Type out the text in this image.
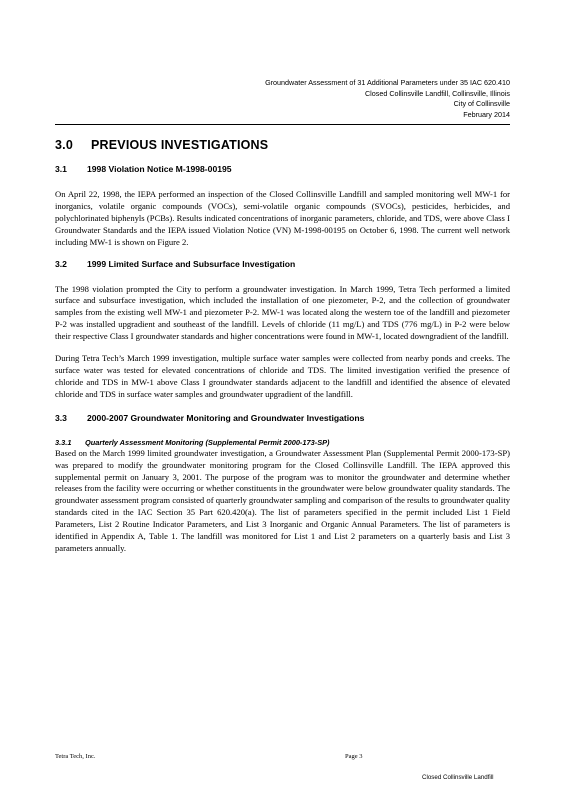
Groundwater Assessment of 31 Additional Parameters under 35 IAC 620.410
Closed Collinsville Landfill, Collinsville, Illinois
City of Collinsville
February 2014
3.0 PREVIOUS INVESTIGATIONS
3.1 1998 Violation Notice M-1998-00195

On April 22, 1998, the IEPA performed an inspection of the Closed Collinsville Landfill and sampled monitoring well MW-1 for inorganics, volatile organic compounds (VOCs), semi-volatile organic compounds (SVOCs), pesticides, herbicides, and polychlorinated biphenyls (PCBs). Results indicated concentrations of inorganic parameters, chloride, and TDS, were above Class I Groundwater Standards and the IEPA issued Violation Notice (VN) M-1998-00195 on October 6, 1998. The current well network including MW-1 is shown on Figure 2.

3.2 1999 Limited Surface and Subsurface Investigation

The 1998 violation prompted the City to perform a groundwater investigation. In March 1999, Tetra Tech performed a limited surface and subsurface investigation, which included the installation of one piezometer, P-2, and the collection of groundwater samples from the existing well MW-1 and piezometer P-2. MW-1 was located along the western toe of the landfill and piezometer P-2 was installed upgradient and southeast of the landfill. Levels of chloride (11 mg/L) and TDS (776 mg/L) in P-2 were below their respective Class I groundwater standards and higher concentrations were found in MW-1, located downgradient of the landfill.

During Tetra Tech’s March 1999 investigation, multiple surface water samples were collected from nearby ponds and creeks. The surface water was tested for elevated concentrations of chloride and TDS. The limited investigation verified the presence of chloride and TDS in MW-1 above Class I groundwater standards adjacent to the landfill and identified the absence of elevated chloride and TDS in surface water samples and groundwater upgradient of the landfill.

3.3 2000-2007 Groundwater Monitoring and Groundwater Investigations
3.3.1 Quarterly Assessment Monitoring (Supplemental Permit 2000-173-SP)

Based on the March 1999 limited groundwater investigation, a Groundwater Assessment Plan (Supplemental Permit 2000-173-SP) was prepared to modify the groundwater monitoring program for the Closed Collinsville Landfill. The IEPA approved this supplemental permit on January 3, 2001. The purpose of the program was to monitor the groundwater and determine whether releases from the facility were occurring or whether constituents in the groundwater were below groundwater quality standards. The groundwater assessment program consisted of quarterly groundwater sampling and comparison of the results to groundwater quality standards cited in the IAC Section 35 Part 620.420(a). The list of parameters specified in the permit included List 1 Field Parameters, List 2 Routine Indicator Parameters, and List 3 Inorganic and Organic Annual Parameters. The list of parameters is identified in Appendix A, Table 1. The landfill was monitored for List 1 and List 2 parameters on a quarterly basis and List 3 parameters annually.

Tetra Tech, Inc.	Page 3
Closed Collinsville Landfill
